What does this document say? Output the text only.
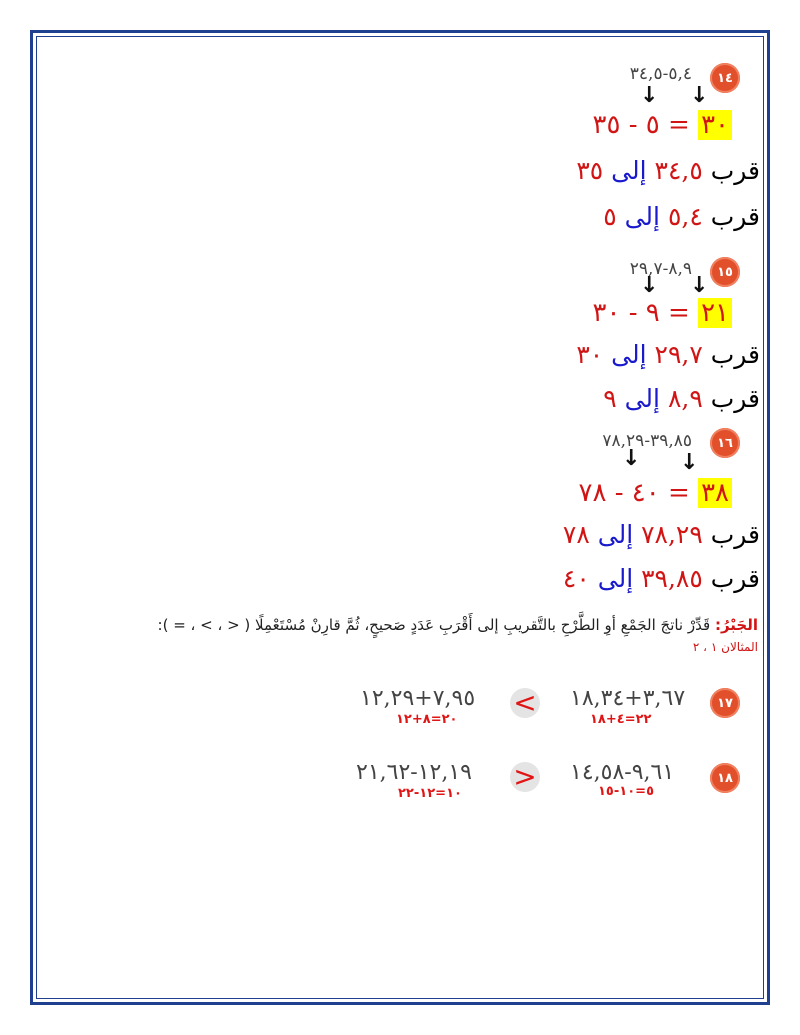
١٤
٥,٤-٣٤,٥
↓ ↓
٣٠ = ٥ - ٣٥
قرب ٣٤,٥ إلى ٣٥
قرب ٥,٤ إلى ٥
١٥
٨,٩-٢٩,٧
↓ ↓
٢١ = ٩ - ٣٠
قرب ٢٩,٧ إلى ٣٠
قرب ٨,٩ إلى ٩
١٦
٣٩,٨٥-٧٨,٢٩
↓ ↓
٣٨ = ٤٠ - ٧٨
قرب ٧٨,٢٩ إلى ٧٨
قرب ٣٩,٨٥ إلى ٤٠
الجَبْرُ: قَدِّرْ ناتجَ الجَمْعِ أوِ الطَّرْحِ بالتَّقريبِ إلى أَقْرَبِ عَدَدٍ صَحيحٍ، ثُمَّ قارِنْ مُسْتَعْمِلًا ( < ، > ، = ):
المثالان ١ ، ٢
١٧
٣,٦٧+١٨,٣٤
٢٢=٤+١٨
<
٧,٩٥+١٢,٢٩
٢٠=٨+١٢
١٨
٩,٦١-١٤,٥٨
٥=١٠-١٥
>
١٢,١٩-٢١,٦٢
١٠=١٢-٢٢
